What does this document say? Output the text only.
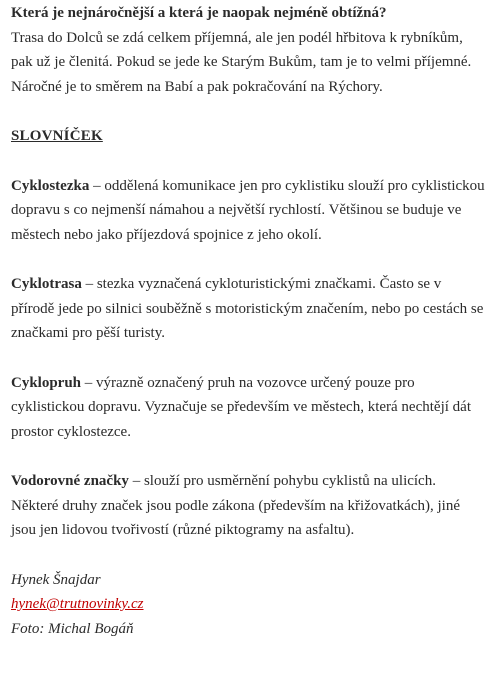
Která je nejnáročnější a která je naopak nejméně obtížná?
Trasa do Dolců se zdá celkem příjemná, ale jen podél hřbitova k rybníkům, pak už je členitá. Pokud se jede ke Starým Bukům, tam je to velmi příjemné. Náročné je to směrem na Babí a pak pokračování na Rýchory.

SLOVNÍČEK

Cyklostezka – oddělená komunikace jen pro cyklistiku slouží pro cyklistickou dopravu s co nejmenší námahou a největší rychlostí. Většinou se buduje ve městech nebo jako příjezdová spojnice z jeho okolí.

Cyklotrasa – stezka vyznačená cykloturistickými značkami. Často se v přírodě jede po silnici souběžně s motoristickým značením, nebo po cestách se značkami pro pěší turisty.

Cyklopruh – výrazně označený pruh na vozovce určený pouze pro cyklistickou dopravu. Vyznačuje se především ve městech, která nechtějí dát prostor cyklostezce.

Vodorovné značky – slouží pro usměrnění pohybu cyklistů na ulicích. Některé druhy značek jsou podle zákona (především na křižovatkách), jiné jsou jen lidovou tvořivostí (různé piktogramy na asfaltu).

Hynek Šnajdar
hynek@trutnovinky.cz
Foto: Michal Bogáň
